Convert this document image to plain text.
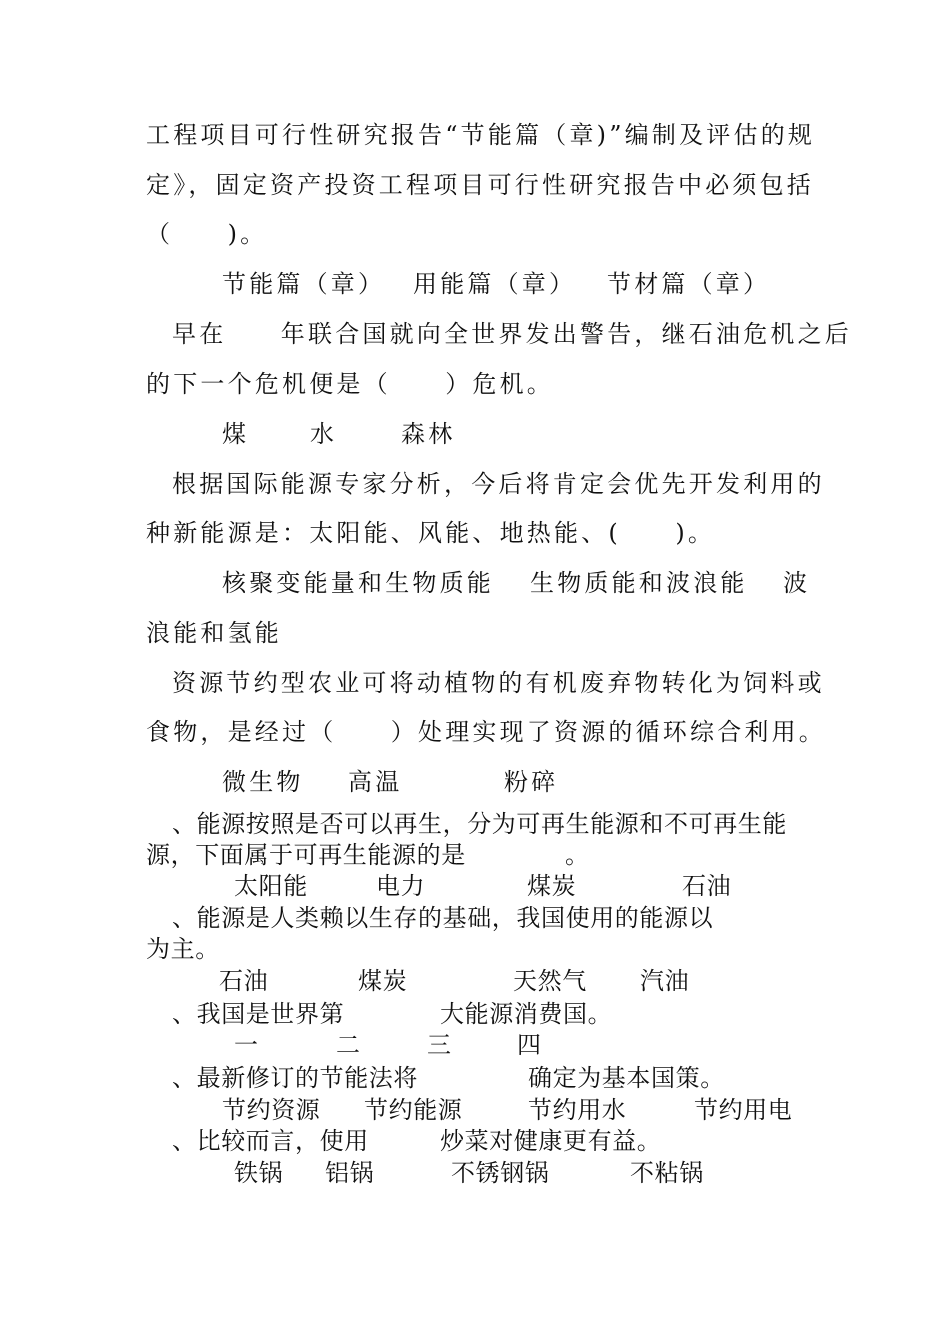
工程项目可行性研究报告“节能篇（章)”编制及评估的规
定》，固定资产投资工程项目可行性研究报告中必须包括
（　　)。
节能篇（章） 用能篇（章） 节材篇（章）
早在　　年联合国就向全世界发出警告，继石油危机之后
的下一个危机便是（　　）危机。
煤	水	森林
根据国际能源专家分析，今后将肯定会优先开发利用的
种新能源是：太阳能、风能、地热能、(　　)。
核聚变能量和生物质能 生物质能和波浪能 波
浪能和氢能
资源节约型农业可将动植物的有机废弃物转化为饲料或
食物，是经过（　　）处理实现了资源的循环综合利用。
微生物 高温	粉碎
、能源按照是否可以再生，分为可再生能源和不可再生能
源，下面属于可再生能源的是	。
太阳能	电力	煤炭	石油
、能源是人类赖以生存的基础，我国使用的能源以
为主。
石油	煤炭	天然气 汽油
、我国是世界第	大能源消费国。
一	二	三	四
、最新修订的节能法将	确定为基本国策。
节约资源 节约能源	节约用水	节约用电
、比较而言，使用	炒菜对健康更有益。
铁锅 铝锅	不锈钢锅	不粘锅
